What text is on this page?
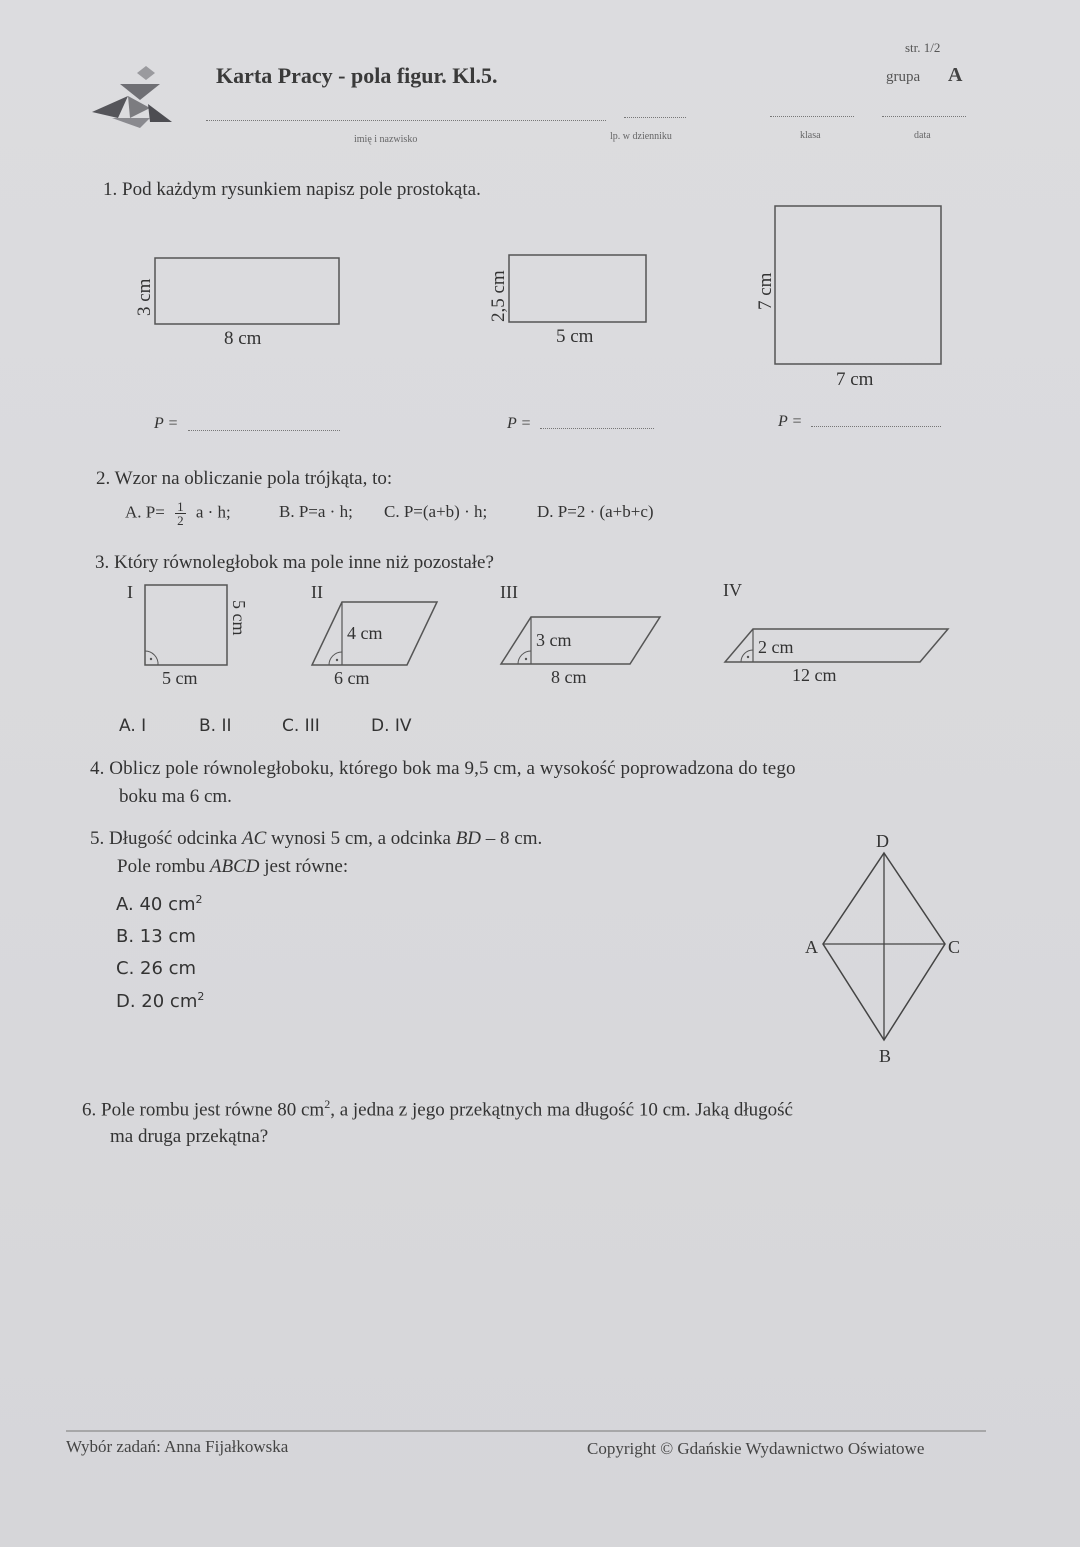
str. 1/2
Karta Pracy - pola figur. Kl.5.	grupa A
imię i nazwisko	lp. w dzienniku	klasa	data
1. Pod każdym rysunkiem napisz pole prostokąta.
3 cm
8 cm
2,5 cm
5 cm
7 cm
7 cm
P =	P =	P =
2. Wzor na obliczanie pola trójkąta, to:
A. $P= \frac{1}{2}$ a · h;	B. P=a · h; C. P=(a+b) · h;	D. P=2 · (a+b+c)
3. Który równoległobok ma pole inne niż pozostałe?
I	II	III	IV
5 cm
5 cm
4 cm
6 cm
3 cm
8 cm
2 cm
12 cm
A. I	B. II	C. III	D. IV
4. Oblicz pole równoległoboku, którego bok ma 9,5 cm, a wysokość poprowadzona do tego
boku ma 6 cm.
5. Długość odcinka AC wynosi 5 cm, a odcinka BD – 8 cm.
Pole rombu ABCD jest równe:
A. 40 $cm^2$
B. 13 cm
C. 26 cm
D. 20 $cm^2$
D
A	C
B
6. Pole rombu jest równe 80 $cm^2$, a jedna z jego przekątnych ma długość 10 cm. Jaką długość
ma druga przekątna?
Wybór zadań: Anna Fijałkowska	Copyright © Gdańskie Wydawnictwo Oświatowe
